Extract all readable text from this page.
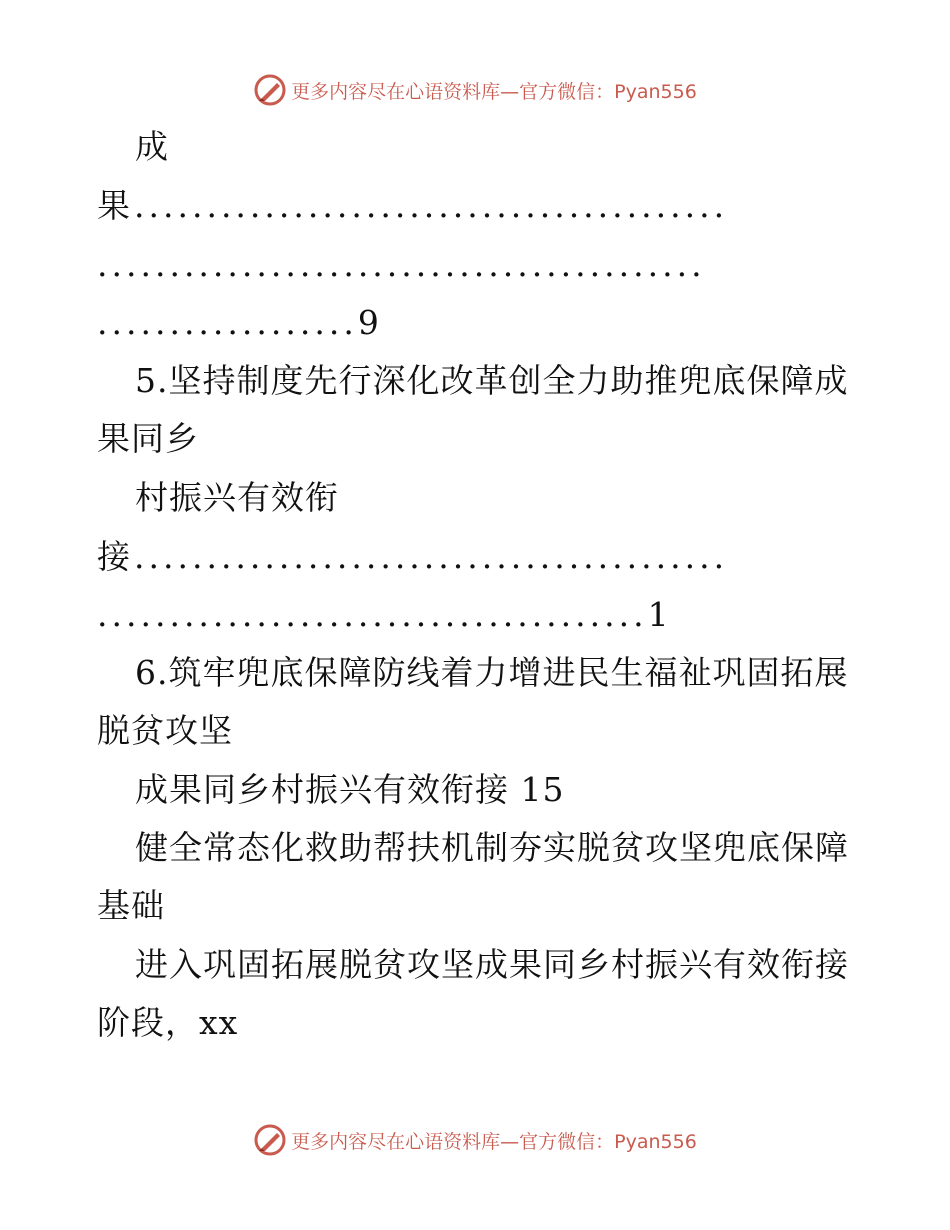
更多内容尽在心语资料库—官方微信：Pyan556
成
果.........................................
..........................................
..................9
5.坚持制度先行深化改革创全力助推兜底保障成
果同乡
村振兴有效衔
接.........................................
......................................1
6.筑牢兜底保障防线着力增进民生福祉巩固拓展
脱贫攻坚
成果同乡村振兴有效衔接 15
健全常态化救助帮扶机制夯实脱贫攻坚兜底保障
基础
进入巩固拓展脱贫攻坚成果同乡村振兴有效衔接
阶段，xx
更多内容尽在心语资料库—官方微信：Pyan556
